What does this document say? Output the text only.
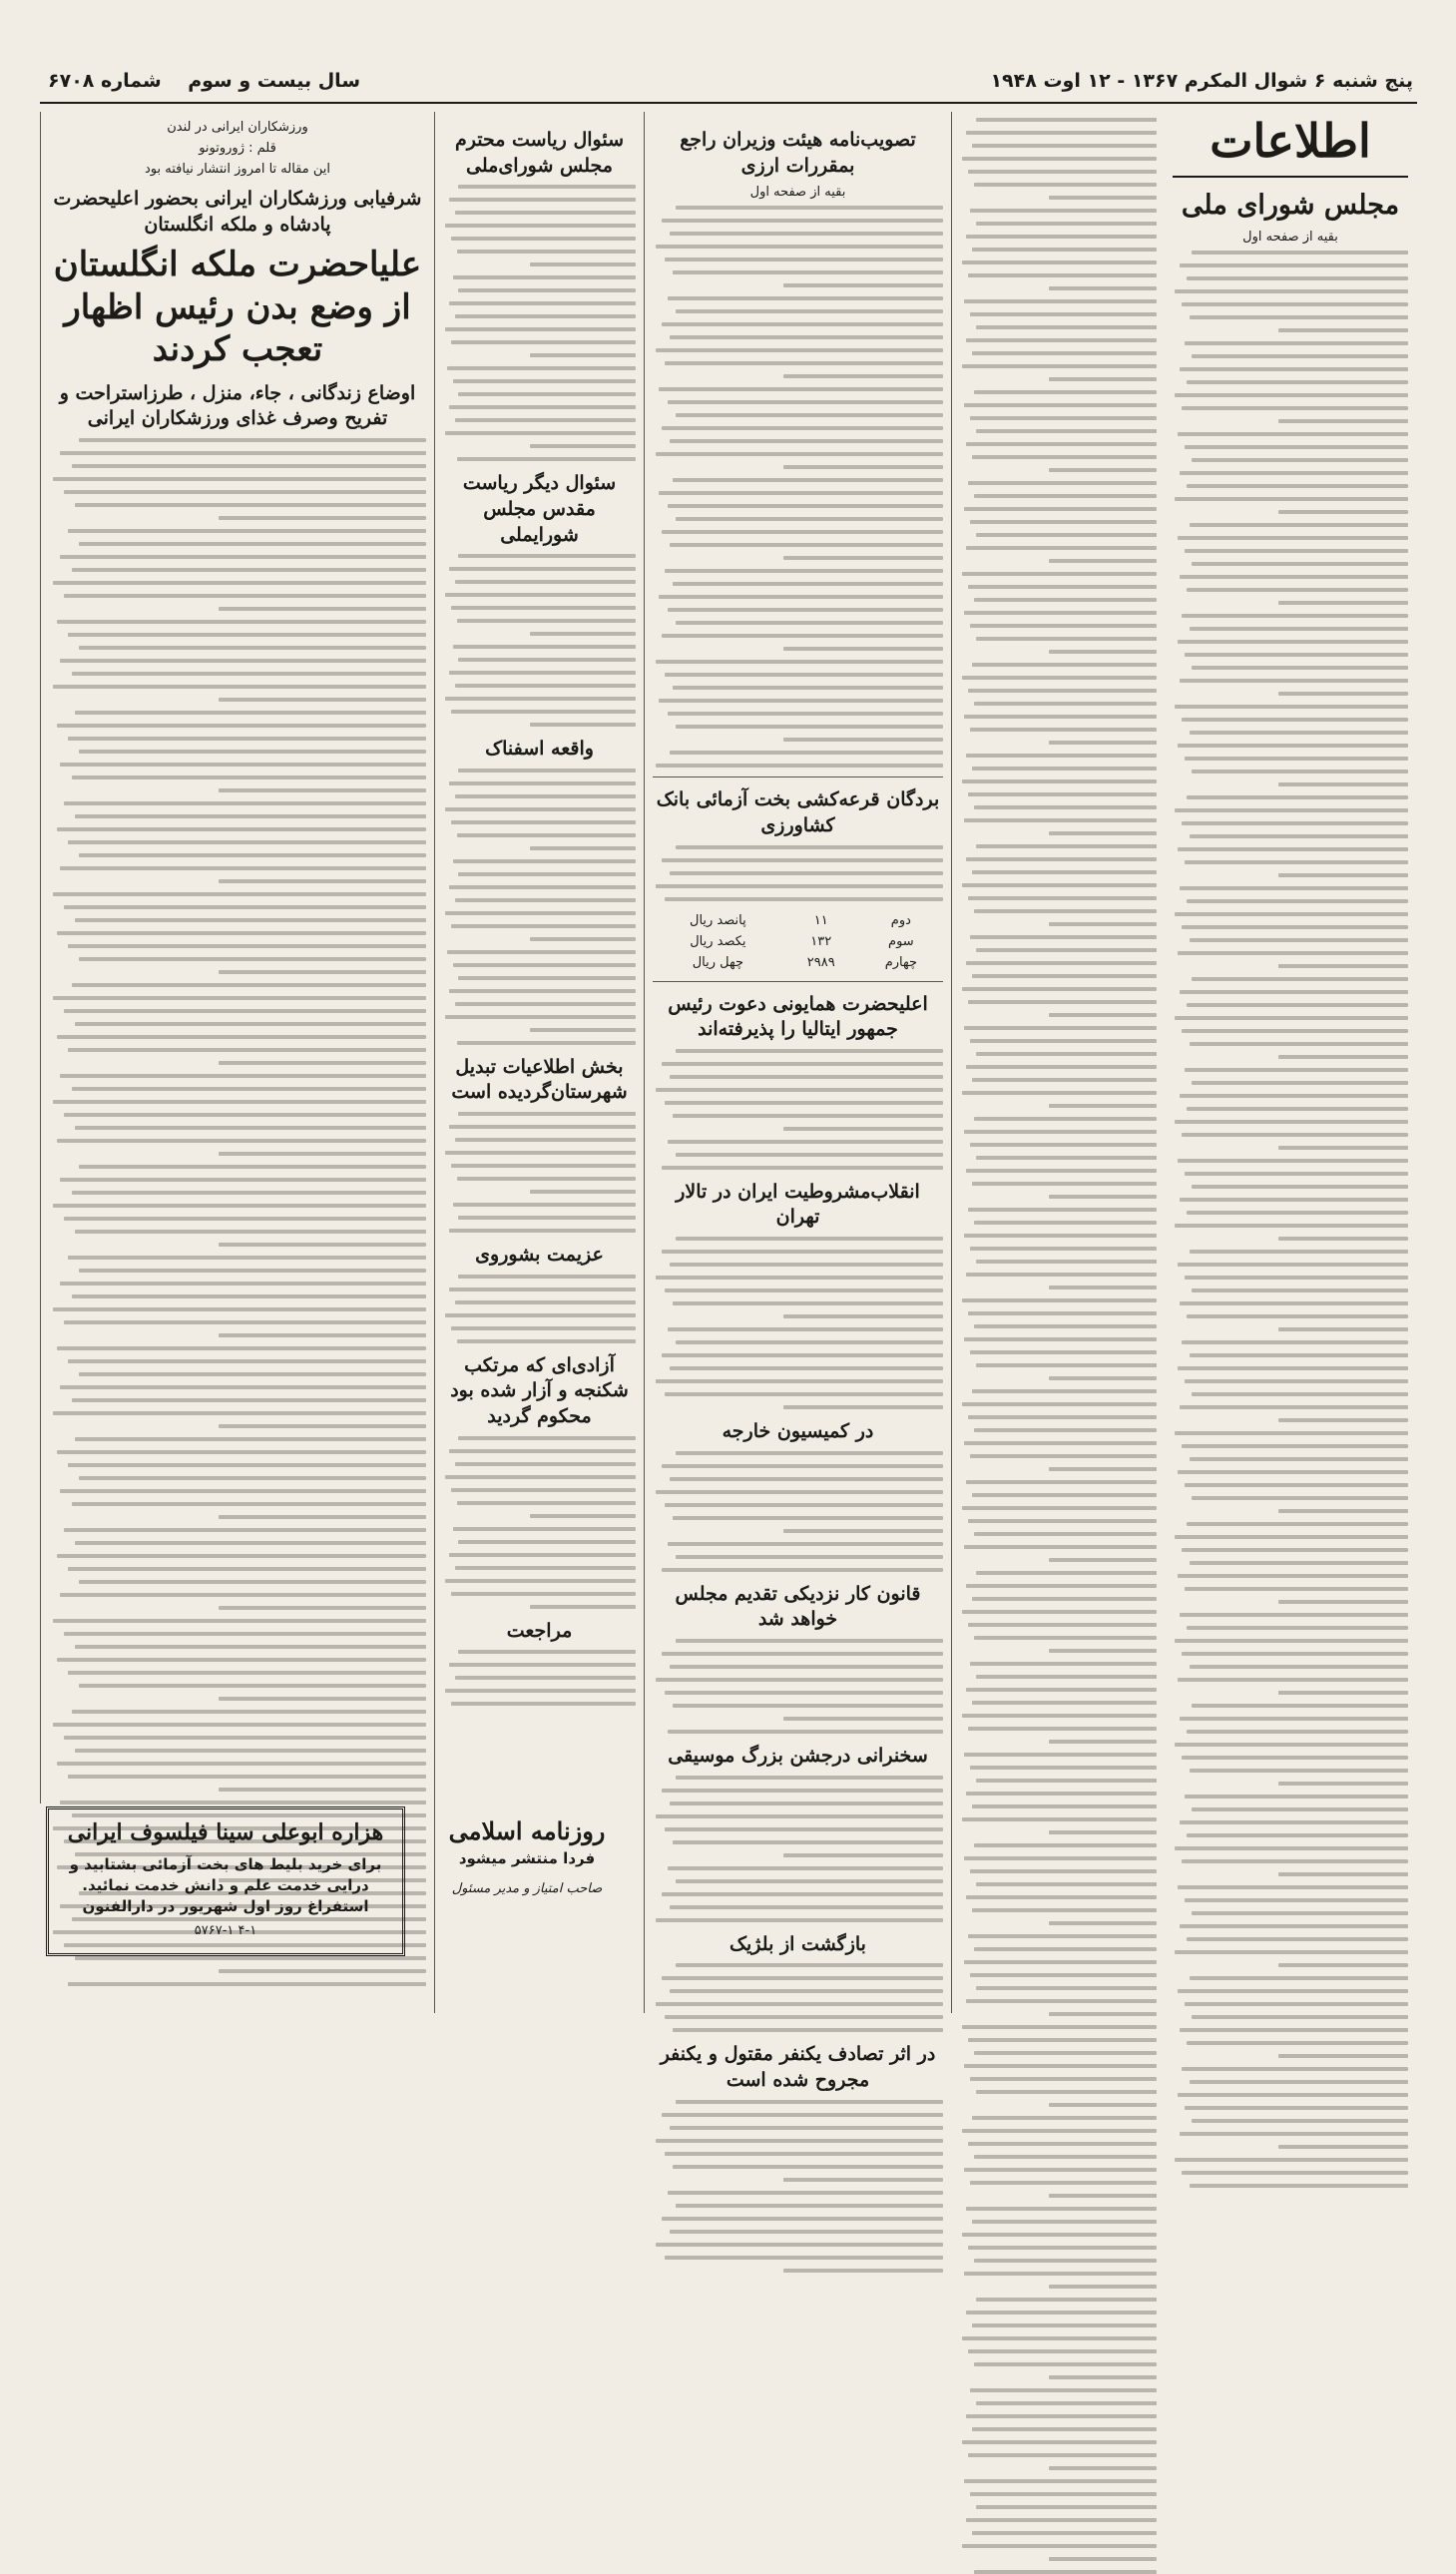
پنج شنبه ۶ شوال المکرم ۱۳۶۷ - ۱۲ اوت ۱۹۴۸
سال بیست و سوم    شماره ۶۷۰۸
اطلاعات
مجلس شورای ملی
بقیه از صفحه اول
تصویب‌نامه هیئت وزیران راجع بمقررات ارزی
بقیه از صفحه اول
بردگان قرعه‌کشی بخت آزمائی بانک کشاورزی
دوم	۱۱	پانصد ریال
سوم	۱۳۲	یکصد ریال
چهارم	۲۹۸۹	چهل ریال
اعلیحضرت همایونی دعوت رئیس جمهور ایتالیا را پذیرفته‌اند
انقلاب‌مشروطیت ایران در تالار تهران
در کمیسیون خارجه
قانون کار نزدیکی تقدیم مجلس خواهد شد
سخنرانی درجشن بزرگ موسیقی
بازگشت از بلژیک
در اثر تصادف یکنفر مقتول و یکنفر مجروح شده است
سئوال ریاست محترم مجلس شورای‌ملی
سئوال دیگر ریاست مقدس مجلس شورایملی
واقعه اسفناک
بخش اطلاعیات تبدیل شهرستان‌گردیده است
عزیمت بشوروی
آزادی‌ای که مرتکب شکنجه و آزار شده بود محکوم گردید
مراجعت
ورزشکاران ایرانی در لندن
قلم : ژوروتونو
این مقاله تا امروز انتشار نیافته بود
شرفیابی ورزشکاران ایرانی بحضور اعلیحضرت پادشاه و ملکه انگلستان
علیاحضرت ملکه انگلستان از وضع بدن رئیس اظهار تعجب کردند
اوضاع زندگانی ، جاء، منزل ، طرزاستراحت و تفریح وصرف غذای ورزشکاران ایرانی
هزاره ابوعلی سینا فیلسوف ایرانی
برای خرید بلیط های بخت آزمائی بشتابید و
درایی خدمت علم و دانش خدمت نمائید.
استفراغ روز اول شهریور در دارالفنون
۵۷۶۷-۱ ۴-۱
روزنامه اسلامی
فردا منتشر میشود
صاحب امتیاز و مدیر مسئول
